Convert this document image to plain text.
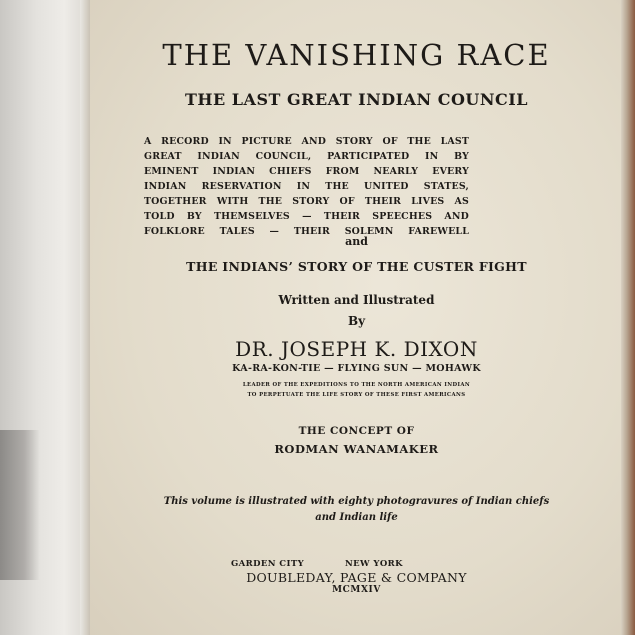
THE VANISHING RACE
THE LAST GREAT INDIAN COUNCIL
A RECORD IN PICTURE AND STORY OF THE LAST
GREAT INDIAN COUNCIL, PARTICIPATED IN BY
EMINENT INDIAN CHIEFS FROM NEARLY EVERY
INDIAN RESERVATION IN THE UNITED STATES,
TOGETHER WITH THE STORY OF THEIR LIVES AS
TOLD BY THEMSELVES — THEIR SPEECHES AND
FOLKLORE TALES — THEIR SOLEMN FAREWELL
and
THE INDIANS’ STORY OF THE CUSTER FIGHT
Written and Illustrated
By
DR. JOSEPH K. DIXON
KA-RA-KON-TIE — FLYING SUN — MOHAWK
LEADER OF THE EXPEDITIONS TO THE NORTH AMERICAN INDIAN
TO PERPETUATE THE LIFE STORY OF THESE FIRST AMERICANS
THE CONCEPT OF
RODMAN WANAMAKER
This volume is illustrated with eighty photogravures of Indian chiefs
and Indian life
GARDEN CITY	NEW YORK
DOUBLEDAY, PAGE & COMPANY
MCMXIV
